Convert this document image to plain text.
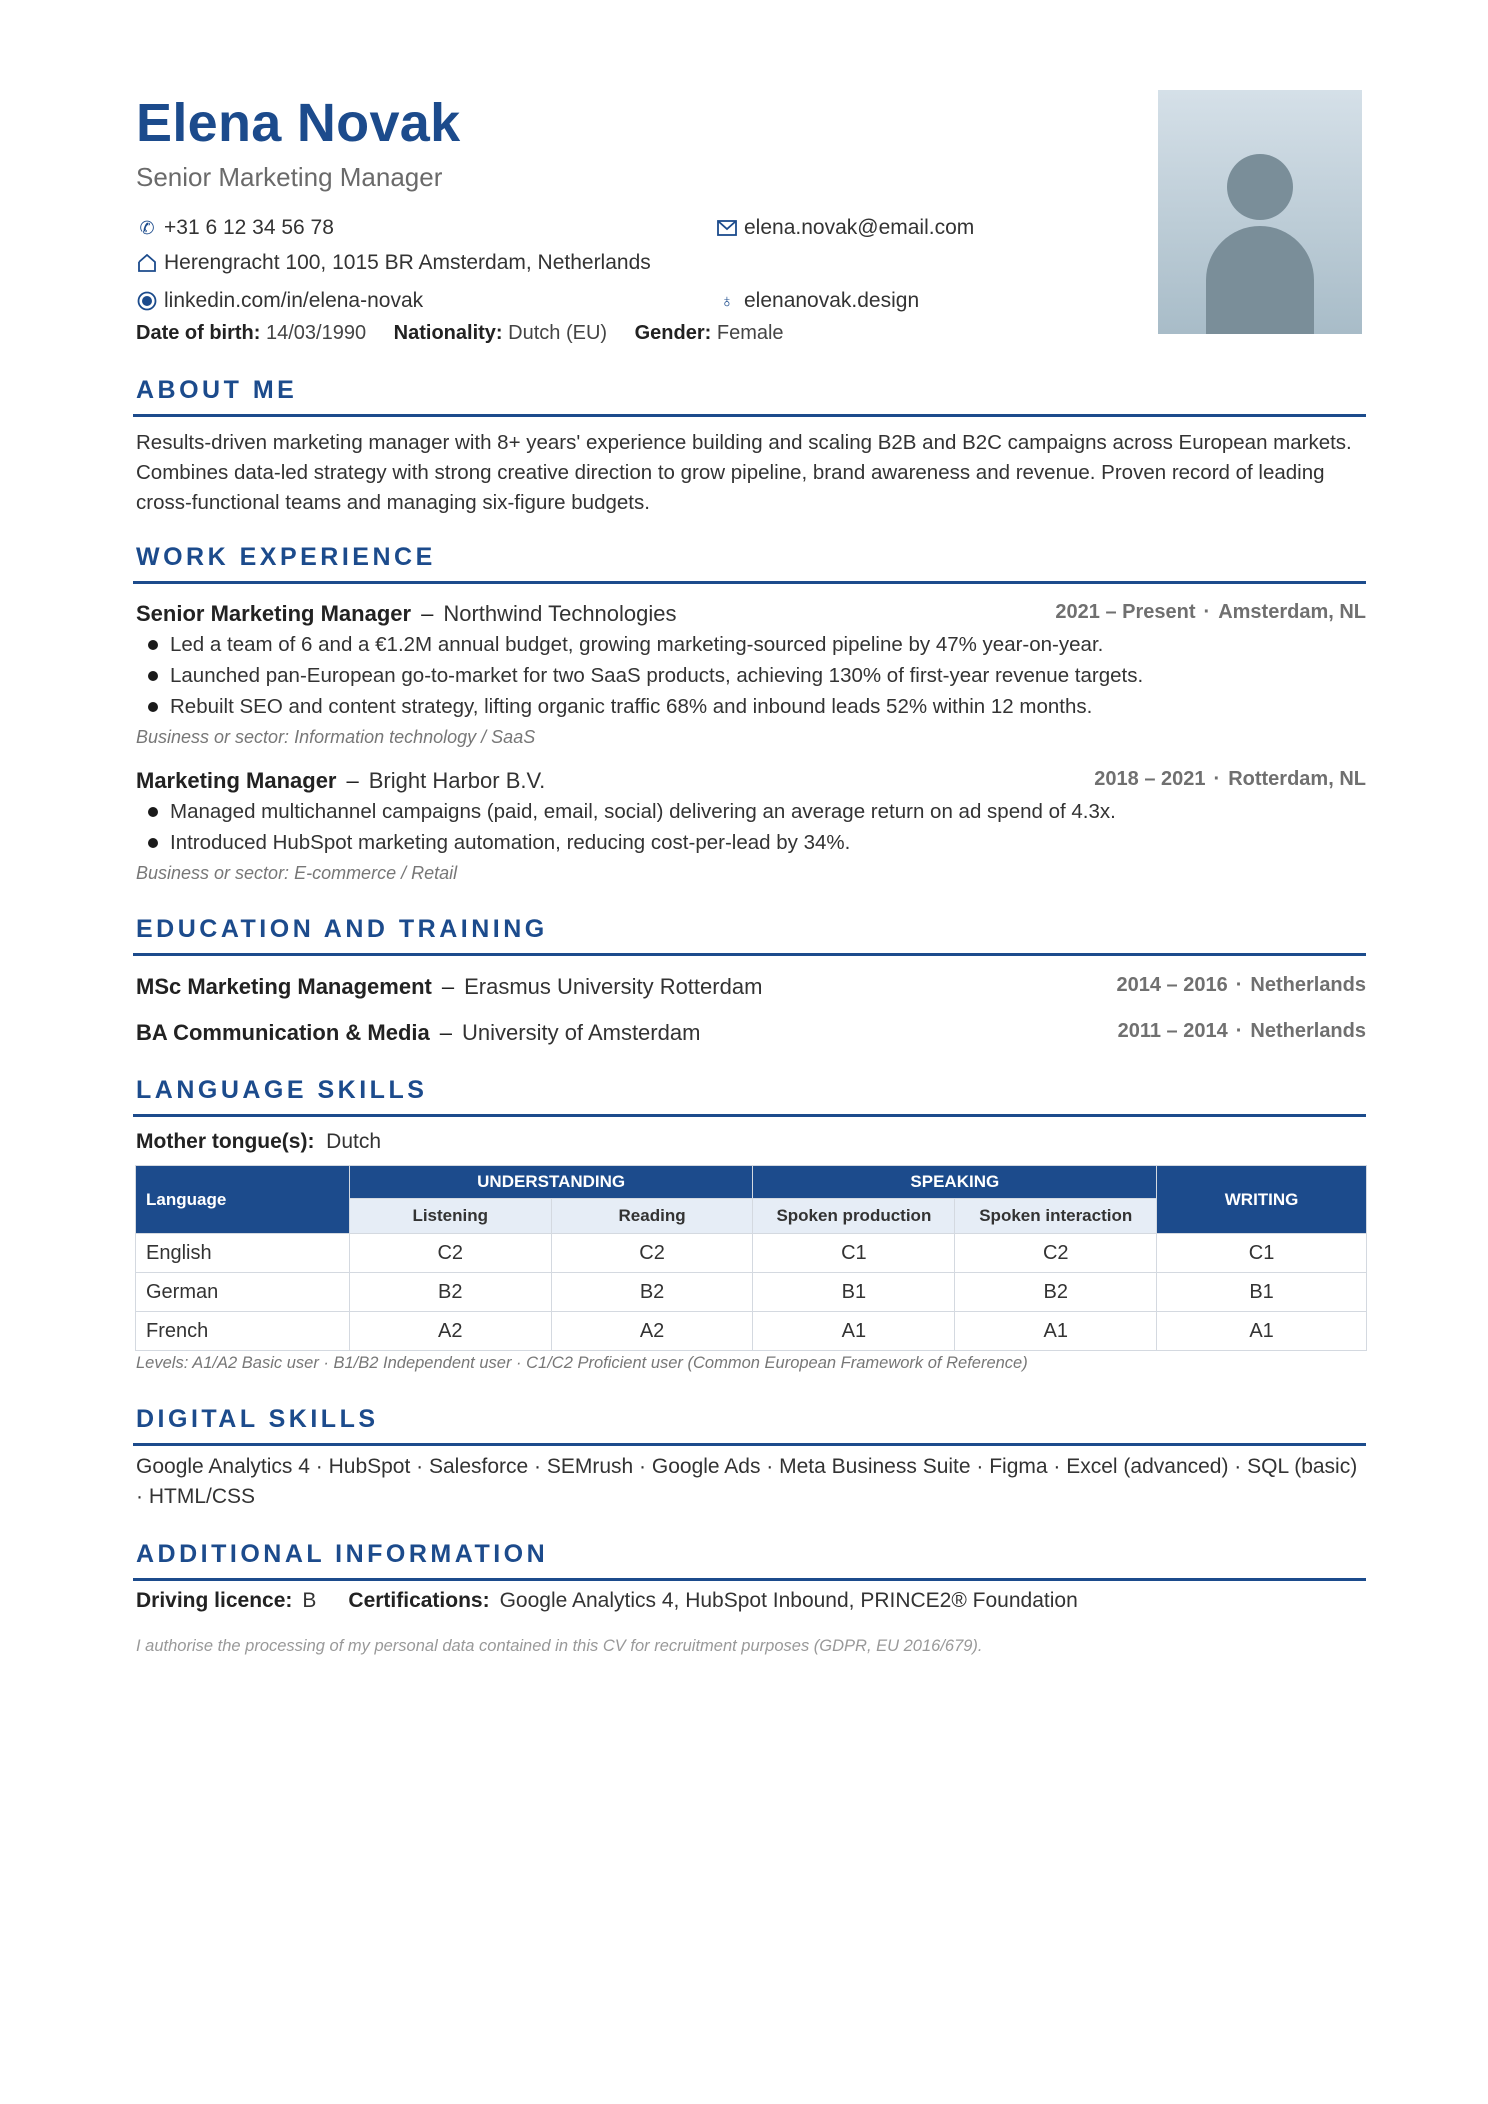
Elena Novak
Senior Marketing Manager
✆ +31 6 12 34 56 78	elena.novak@email.com
Herengracht 100, 1015 BR Amsterdam, Netherlands
linkedin.com/in/elena-novak	♁ elenanovak.design
Date of birth: 14/03/1990 Nationality: Dutch (EU) Gender: Female
ABOUT ME
Results-driven marketing manager with 8+ years' experience building and scaling B2B and B2C campaigns across European markets. Combines data-led strategy with strong creative direction to grow pipeline, brand awareness and revenue. Proven record of leading cross-functional teams and managing six-figure budgets.
WORK EXPERIENCE
Senior Marketing Manager – Northwind Technologies	2021 – Present · Amsterdam, NL
Led a team of 6 and a €1.2M annual budget, growing marketing-sourced pipeline by 47% year-on-year.
Launched pan-European go-to-market for two SaaS products, achieving 130% of first-year revenue targets.
Rebuilt SEO and content strategy, lifting organic traffic 68% and inbound leads 52% within 12 months.
Business or sector: Information technology / SaaS
Marketing Manager – Bright Harbor B.V.	2018 – 2021 · Rotterdam, NL
Managed multichannel campaigns (paid, email, social) delivering an average return on ad spend of 4.3x.
Introduced HubSpot marketing automation, reducing cost-per-lead by 34%.
Business or sector: E-commerce / Retail
EDUCATION AND TRAINING
MSc Marketing Management – Erasmus University Rotterdam	2014 – 2016 · Netherlands
BA Communication & Media – University of Amsterdam	2011 – 2014 · Netherlands
LANGUAGE SKILLS
Mother tongue(s): Dutch
Language	UNDERSTANDING		SPEAKING		WRITING
	Listening	Reading	Spoken production	Spoken interaction	
English	C2	C2	C1	C2	C1
German	B2	B2	B1	B2	B1
French	A2	A2	A1	A1	A1
Levels: A1/A2 Basic user · B1/B2 Independent user · C1/C2 Proficient user (Common European Framework of Reference)
DIGITAL SKILLS
Google Analytics 4 · HubSpot · Salesforce · SEMrush · Google Ads · Meta Business Suite · Figma · Excel (advanced) · SQL (basic) · HTML/CSS
ADDITIONAL INFORMATION
Driving licence: B Certifications: Google Analytics 4, HubSpot Inbound, PRINCE2® Foundation
I authorise the processing of my personal data contained in this CV for recruitment purposes (GDPR, EU 2016/679).
